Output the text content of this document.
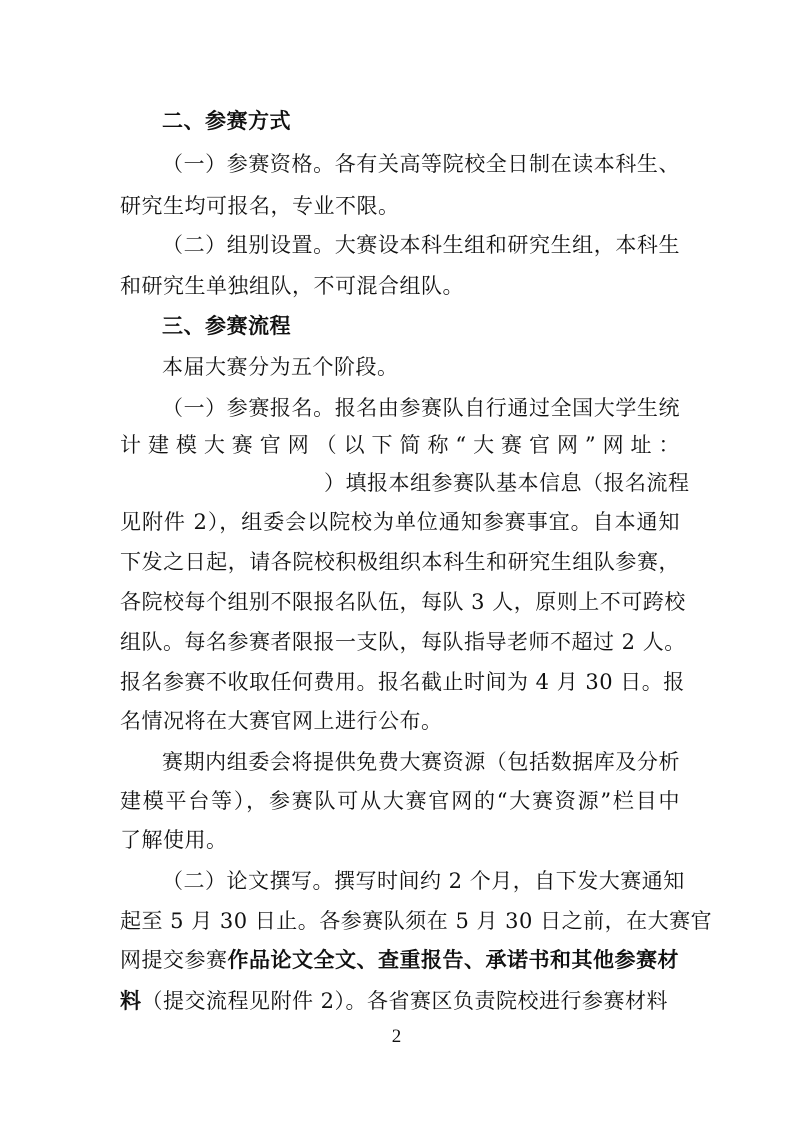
二、参赛方式
（一）参赛资格。各有关高等院校全日制在读本科生、
研究生均可报名，专业不限。
（二）组别设置。大赛设本科生组和研究生组，本科生
和研究生单独组队，不可混合组队。
三、参赛流程
本届大赛分为五个阶段。
（一）参赛报名。报名由参赛队自行通过全国大学生统
计建模大赛官网（以下简称“大赛官网”网址：
）填报本组参赛队基本信息（报名流程
见附件 2），组委会以院校为单位通知参赛事宜。自本通知
下发之日起，请各院校积极组织本科生和研究生组队参赛，
各院校每个组别不限报名队伍，每队 3 人，原则上不可跨校
组队。每名参赛者限报一支队，每队指导老师不超过 2 人。
报名参赛不收取任何费用。报名截止时间为 4 月 30 日。报
名情况将在大赛官网上进行公布。
赛期内组委会将提供免费大赛资源（包括数据库及分析
建模平台等），参赛队可从大赛官网的“大赛资源”栏目中
了解使用。
（二）论文撰写。撰写时间约 2 个月，自下发大赛通知
起至 5 月 30 日止。各参赛队须在 5 月 30 日之前，在大赛官
网提交参赛作品论文全文、查重报告、承诺书和其他参赛材
料（提交流程见附件 2）。各省赛区负责院校进行参赛材料
2
